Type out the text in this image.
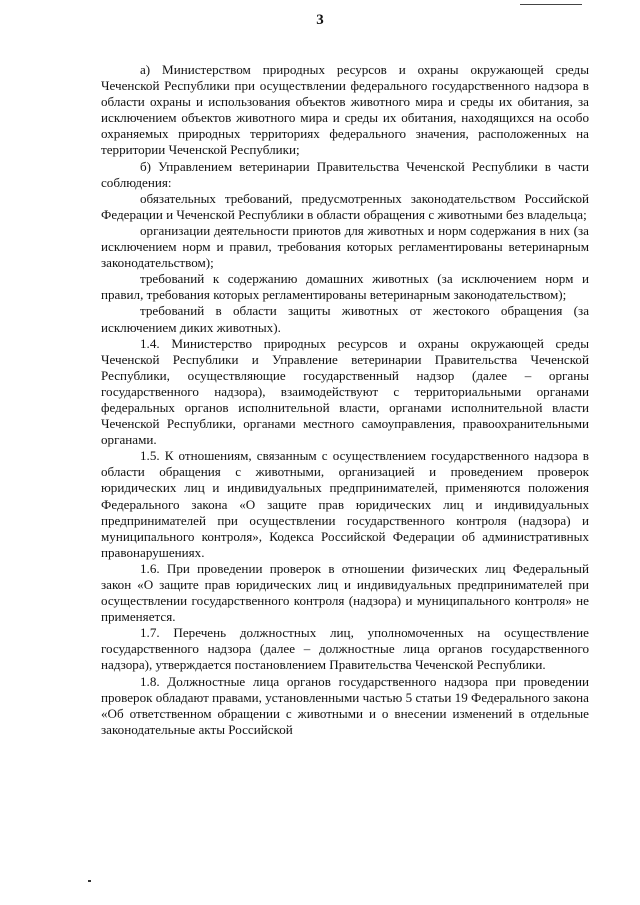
3

а) Министерством природных ресурсов и охраны окружающей среды Чеченской Республики при осуществлении федерального государственного надзора в области охраны и использования объектов животного мира и среды их обитания, за исключением объектов животного мира и среды их обитания, находящихся на особо охраняемых природных территориях федерального значения, расположенных на территории Чеченской Республики;

б) Управлением ветеринарии Правительства Чеченской Республики в части соблюдения:

обязательных требований, предусмотренных законодательством Российской Федерации и Чеченской Республики в области обращения с животными без владельца;

организации деятельности приютов для животных и норм содержания в них (за исключением норм и правил, требования которых регламентированы ветеринарным законодательством);

требований к содержанию домашних животных (за исключением норм и правил, требования которых регламентированы ветеринарным законодательством);

требований в области защиты животных от жестокого обращения (за исключением диких животных).

1.4. Министерство природных ресурсов и охраны окружающей среды Чеченской Республики и Управление ветеринарии Правительства Чеченской Республики, осуществляющие государственный надзор (далее – органы государственного надзора), взаимодействуют с территориальными органами федеральных органов исполнительной власти, органами исполнительной власти Чеченской Республики, органами местного самоуправления, правоохранительными органами.

1.5. К отношениям, связанным с осуществлением государственного надзора в области обращения с животными, организацией и проведением проверок юридических лиц и индивидуальных предпринимателей, применяются положения Федерального закона «О защите прав юридических лиц и индивидуальных предпринимателей при осуществлении государственного контроля (надзора) и муниципального контроля», Кодекса Российской Федерации об административных правонарушениях.

1.6. При проведении проверок в отношении физических лиц Федеральный закон «О защите прав юридических лиц и индивидуальных предпринимателей при осуществлении государственного контроля (надзора) и муниципального контроля» не применяется.

1.7. Перечень должностных лиц, уполномоченных на осуществление государственного надзора (далее – должностные лица органов государственного надзора), утверждается постановлением Правительства Чеченской Республики.

1.8. Должностные лица органов государственного надзора при проведении проверок обладают правами, установленными частью 5 статьи 19 Федерального закона «Об ответственном обращении с животными и о внесении изменений в отдельные законодательные акты Российской
